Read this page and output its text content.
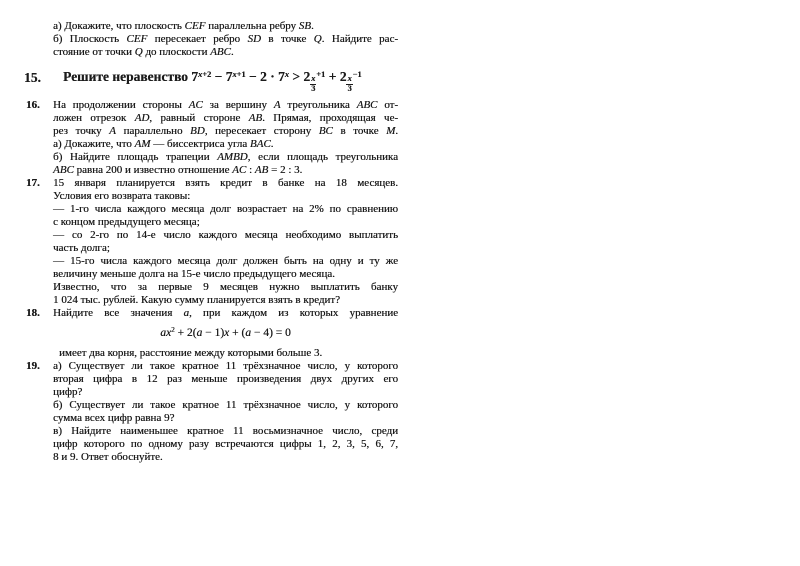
а) Докажите, что плоскость CEF параллельна ребру SB.
б) Плоскость CEF пересекает ребро SD в точке Q. Найдите рас-
стояние от точки Q до плоскости ABC.
15.	Решите неравенство $7^{x+2} - 7^{x+1} - 2 \cdot 7^x > 2$ $^{\frac{x}{3} +1}$ + 2 $^{\frac{x}{3} -1}$
16. На продолжении стороны AC за вершину A треугольника ABC от-
ложен отрезок AD, равный стороне AB. Прямая, проходящая че-
рез точку A параллельно BD, пересекает сторону BC в точке M.
а) Докажите, что AM — биссектриса угла BAC.
б) Найдите площадь трапеции AMBD, если площадь треугольника
ABC равна 200 и известно отношение AC : AB = 2 : 3.
17. 15 января планируется взять кредит в банке на 18 месяцев.
Условия его возврата таковы:
— 1-го числа каждого месяца долг возрастает на 2% по сравнению
с концом предыдущего месяца;
— со 2-го по 14-е число каждого месяца необходимо выплатить
часть долга;
— 15-го числа каждого месяца долг должен быть на одну и ту же
величину меньше долга на 15-е число предыдущего месяца.
Известно, что за первые 9 месяцев нужно выплатить банку
1 024 тыс. рублей. Какую сумму планируется взять в кредит?
18. Найдите все значения a, при каждом из которых уравнение
$ax^2 + 2(a - 1)x + (a - 4) = 0$
имеет два корня, расстояние между которыми больше 3.
19. а) Существует ли такое кратное 11 трёхзначное число, у которого
вторая цифра в 12 раз меньше произведения двух других его
цифр?
б) Существует ли такое кратное 11 трёхзначное число, у которого
сумма всех цифр равна 9?
в) Найдите наименьшее кратное 11 восьмизначное число, среди
цифр которого по одному разу встречаются цифры 1, 2, 3, 5, 6, 7,
8 и 9. Ответ обоснуйте.
